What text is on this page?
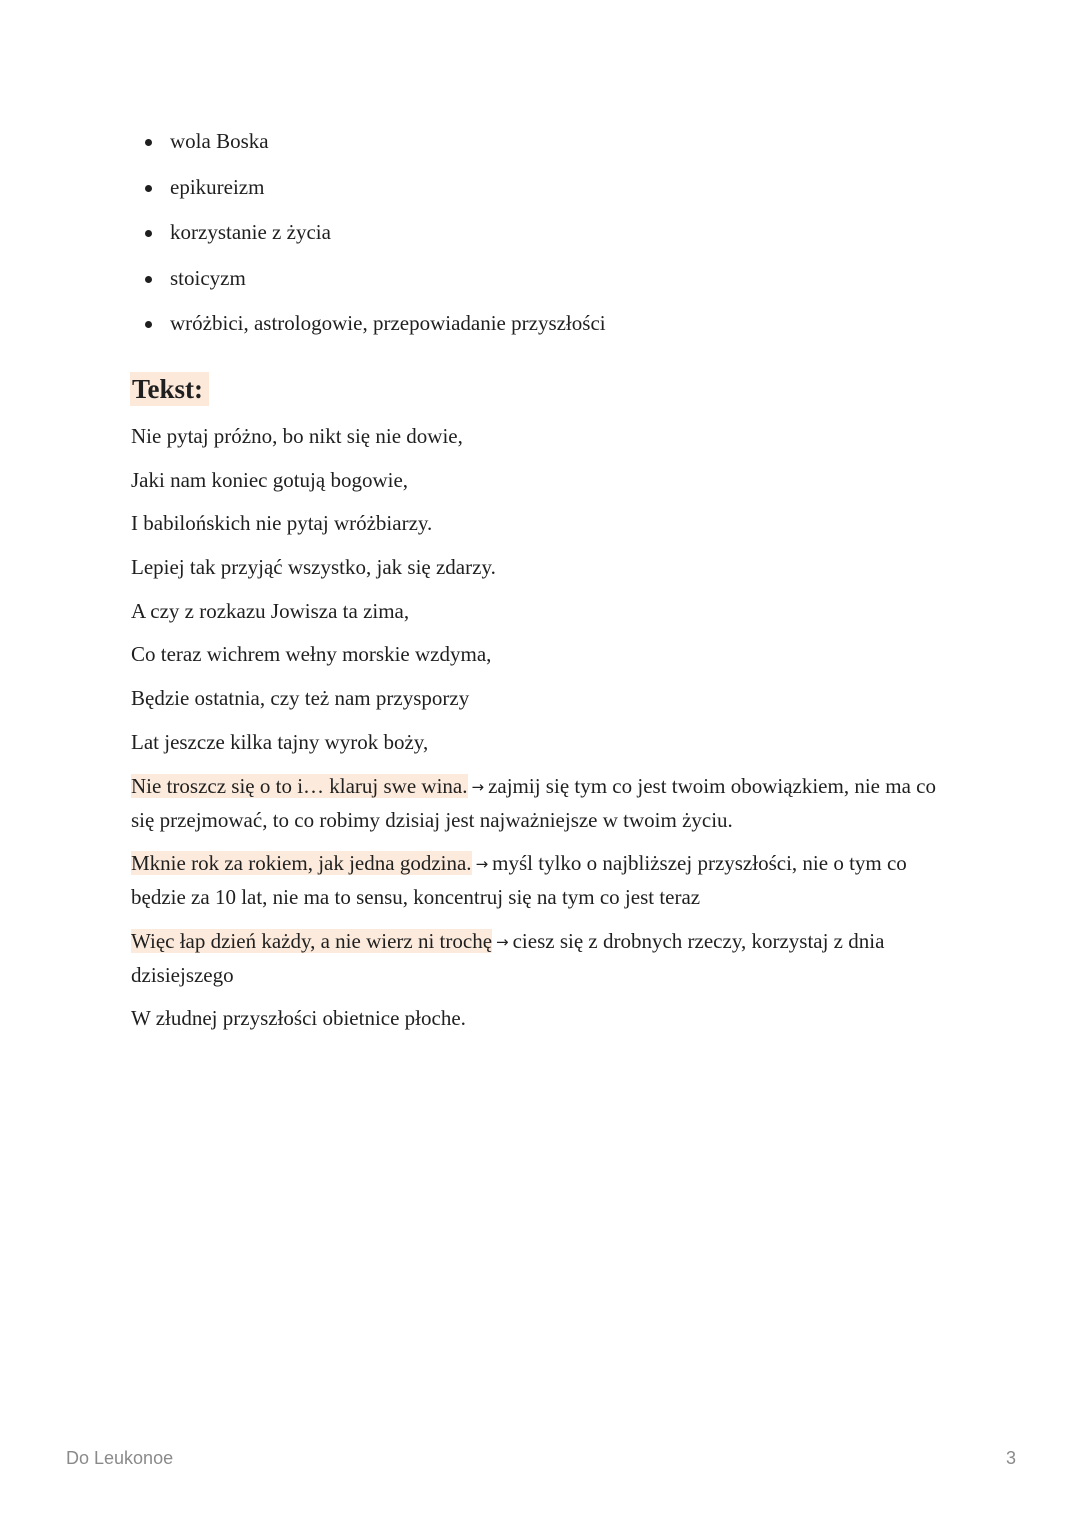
wola Boska
epikureizm
korzystanie z życia
stoicyzm
wróżbici, astrologowie, przepowiadanie przyszłości
Tekst:

Nie pytaj próżno, bo nikt się nie dowie,

Jaki nam koniec gotują bogowie,

I babilońskich nie pytaj wróżbiarzy.

Lepiej tak przyjąć wszystko, jak się zdarzy.

A czy z rozkazu Jowisza ta zima,

Co teraz wichrem wełny morskie wzdyma,

Będzie ostatnia, czy też nam przysporzy

Lat jeszcze kilka tajny wyrok boży,

Nie troszcz się o to i… klaruj swe wina. → zajmij się tym co jest twoim obowiązkiem, nie ma co się przejmować, to co robimy dzisiaj jest najważniejsze w twoim życiu.

Mknie rok za rokiem, jak jedna godzina. → myśl tylko o najbliższej przyszłości, nie o tym co będzie za 10 lat, nie ma to sensu, koncentruj się na tym co jest teraz

Więc łap dzień każdy, a nie wierz ni trochę → ciesz się z drobnych rzeczy, korzystaj z dnia dzisiejszego

W złudnej przyszłości obietnice płoche.

Do Leukonoe	3
